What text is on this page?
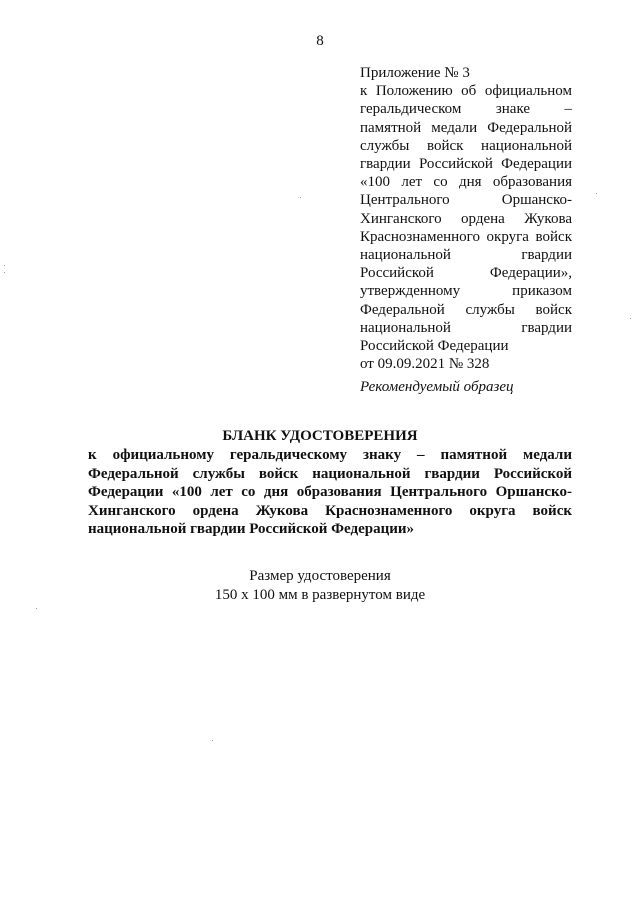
8
Приложение № 3
к Положению об официальном
геральдическом знаке –
памятной медали Федеральной
службы войск национальной
гвардии Российской Федерации
«100 лет со дня образования
Центрального Оршанско-
Хинганского ордена Жукова
Краснознаменного округа войск
национальной гвардии
Российской Федерации»,
утвержденному приказом
Федеральной службы войск
национальной гвардии
Российской Федерации
от 09.09.2021 № 328
Рекомендуемый образец
БЛАНК УДОСТОВЕРЕНИЯ
к официальному геральдическому знаку – памятной медали
Федеральной службы войск национальной гвардии Российской
Федерации «100 лет со дня образования Центрального Оршанско-
Хинганского ордена Жукова Краснознаменного округа войск
национальной гвардии Российской Федерации»
Размер удостоверения
150 х 100 мм в развернутом виде
